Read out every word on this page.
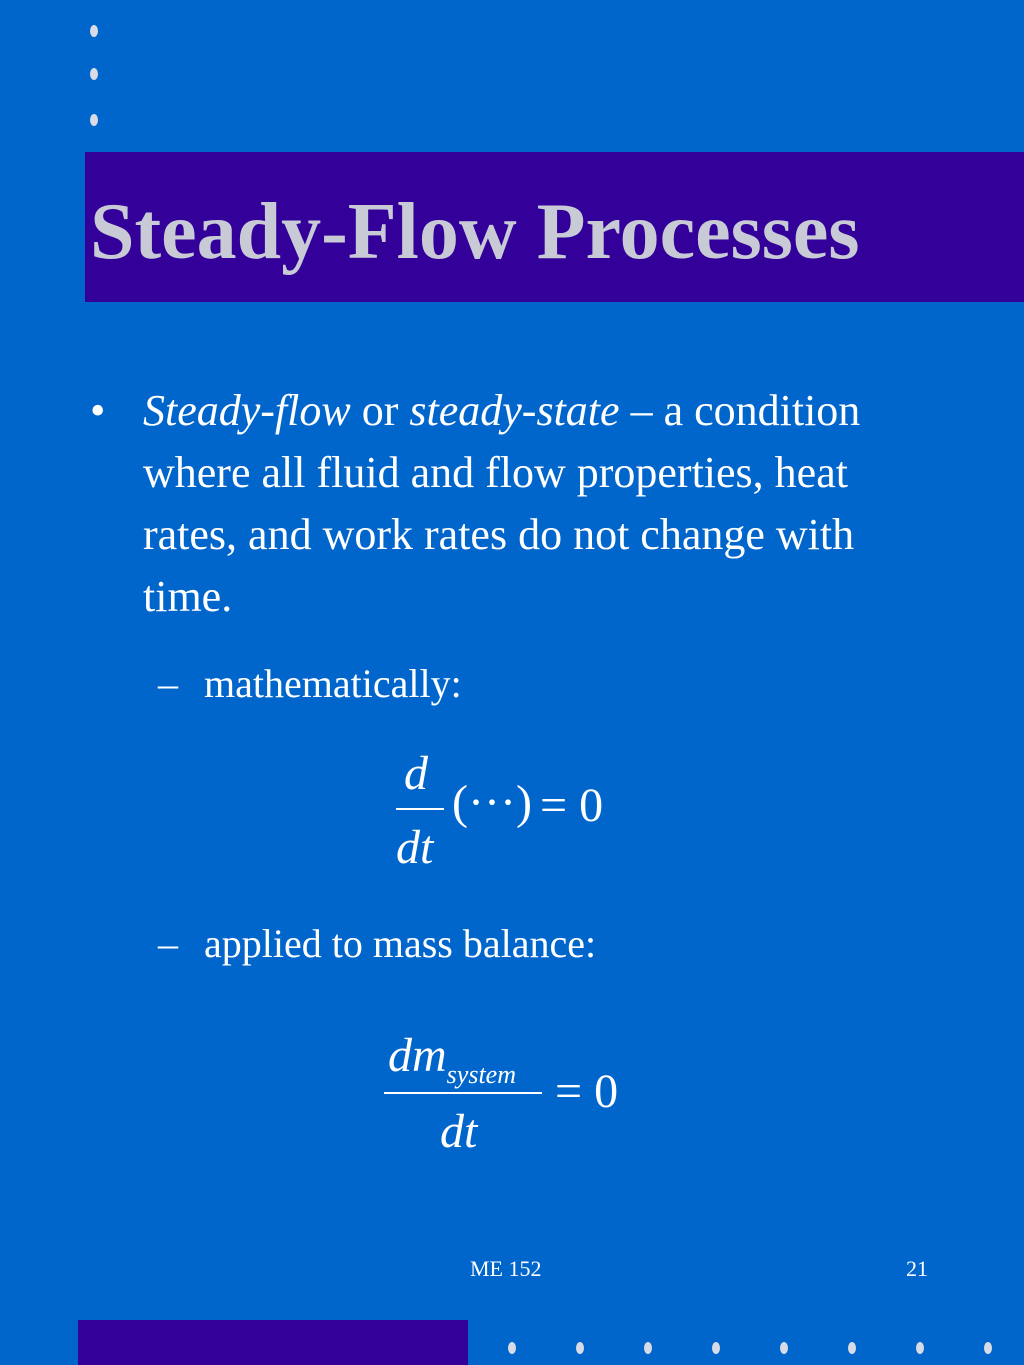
Steady-Flow Processes
• Steady-flow or steady-state – a condition where all fluid and flow properties, heat rates, and work rates do not change with time.
– mathematically:
d
dt
(···) = 0
– applied to mass balance:
$dm_{system}$
dt
= 0
ME 152	21
